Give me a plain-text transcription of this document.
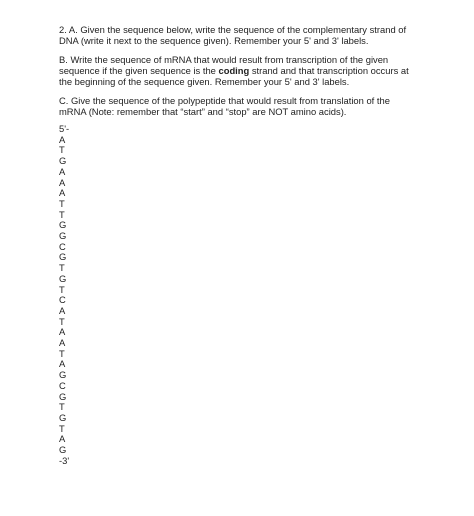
2. A. Given the sequence below, write the sequence of the complementary strand of DNA (write it next to the sequence given). Remember your 5' and 3' labels.

B. Write the sequence of mRNA that would result from transcription of the given sequence if the given sequence is the coding strand and that transcription occurs at the beginning of the sequence given. Remember your 5' and 3' labels.

C. Give the sequence of the polypeptide that would result from translation of the mRNA (Note: remember that “start” and “stop” are NOT amino acids).

5'-
A
T
G
A
A
A
T
T
G
G
C
G
T
G
T
C
A
T
A
A
T
A
G
C
G
T
G
T
A
G
-3'
